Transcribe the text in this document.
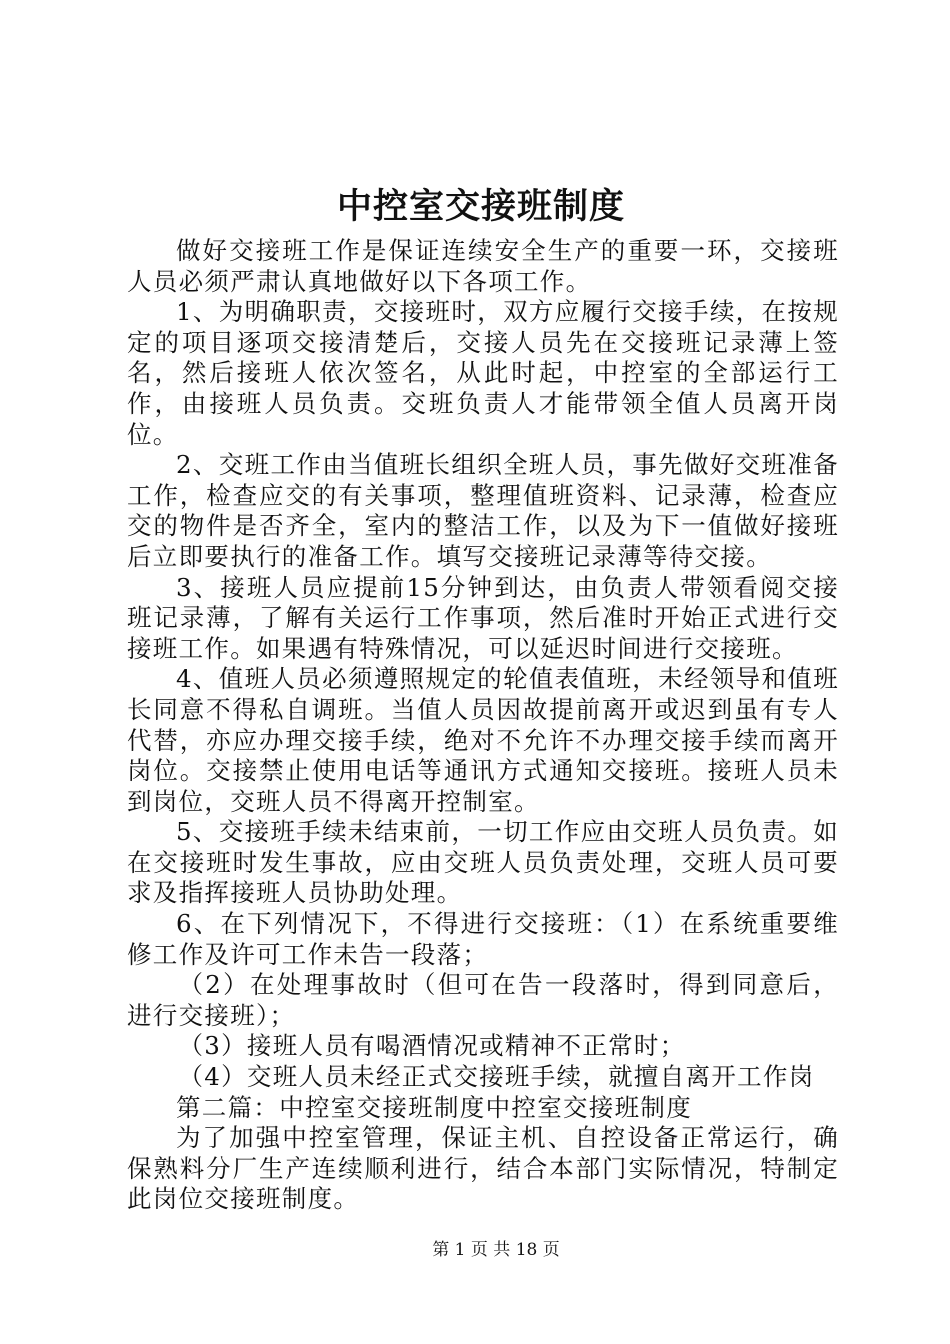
中控室交接班制度

做好交接班工作是保证连续安全生产的重要一环，交接班人员必须严肃认真地做好以下各项工作。

1、为明确职责，交接班时，双方应履行交接手续，在按规定的项目逐项交接清楚后，交接人员先在交接班记录薄上签名，然后接班人依次签名，从此时起，中控室的全部运行工作，由接班人员负责。交班负责人才能带领全值人员离开岗位。

2、交班工作由当值班长组织全班人员，事先做好交班准备工作，检查应交的有关事项，整理值班资料、记录薄，检查应交的物件是否齐全，室内的整洁工作，以及为下一值做好接班后立即要执行的准备工作。填写交接班记录薄等待交接。

3、接班人员应提前15分钟到达，由负责人带领看阅交接班记录薄，了解有关运行工作事项，然后准时开始正式进行交接班工作。如果遇有特殊情况，可以延迟时间进行交接班。

4、值班人员必须遵照规定的轮值表值班，未经领导和值班长同意不得私自调班。当值人员因故提前离开或迟到虽有专人代替，亦应办理交接手续，绝对不允许不办理交接手续而离开岗位。交接禁止使用电话等通讯方式通知交接班。接班人员未到岗位，交班人员不得离开控制室。

5、交接班手续未结束前，一切工作应由交班人员负责。如在交接班时发生事故，应由交班人员负责处理，交班人员可要求及指挥接班人员协助处理。

6、在下列情况下，不得进行交接班：（1）在系统重要维修工作及许可工作未告一段落；

（2）在处理事故时（但可在告一段落时，得到同意后，进行交接班）；

（3）接班人员有喝酒情况或精神不正常时；

（4）交班人员未经正式交接班手续，就擅自离开工作岗

第二篇：中控室交接班制度中控室交接班制度

为了加强中控室管理，保证主机、自控设备正常运行，确保熟料分厂生产连续顺利进行，结合本部门实际情况，特制定此岗位交接班制度。

第 1 页 共 18 页
